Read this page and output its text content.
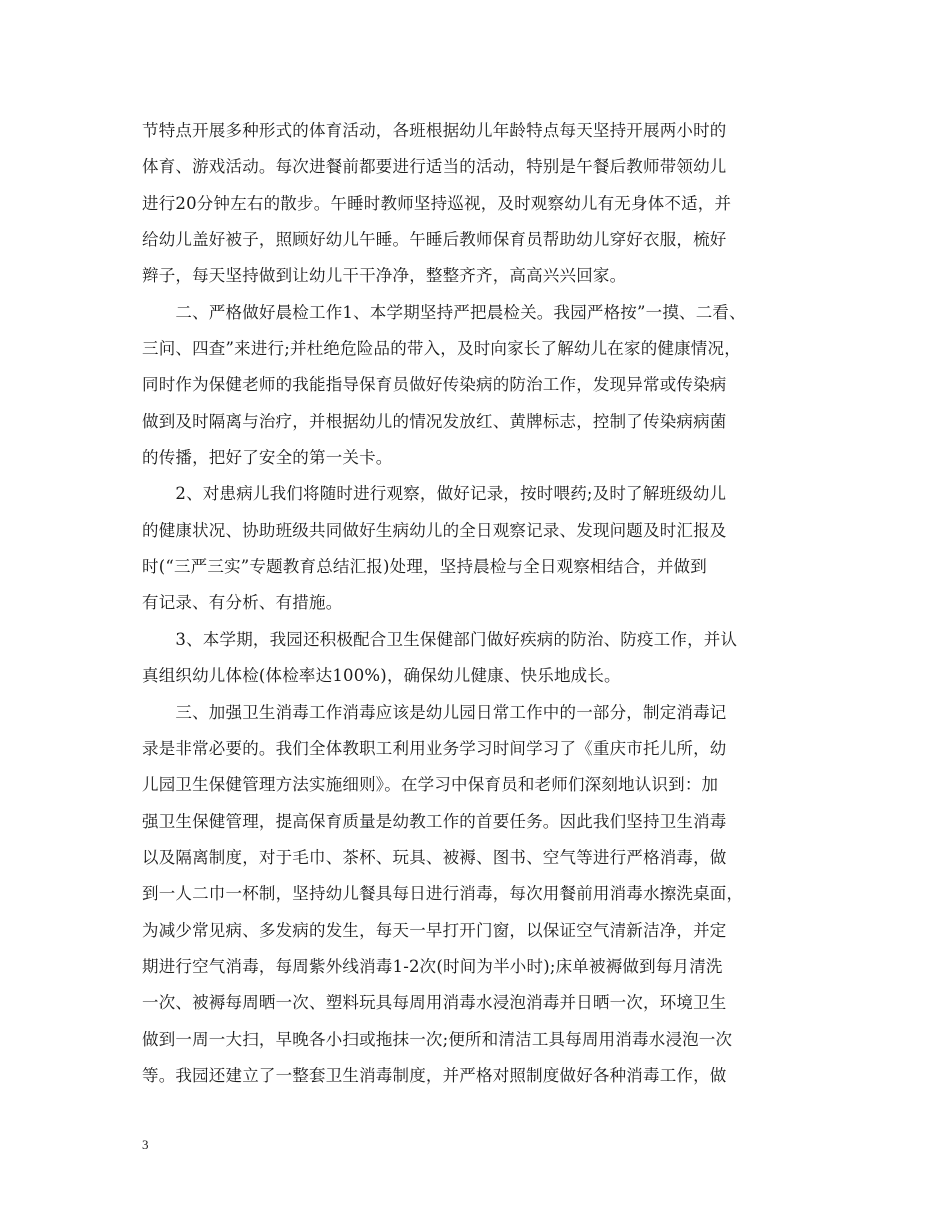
节特点开展多种形式的体育活动，各班根据幼儿年龄特点每天坚持开展两小时的
体育、游戏活动。每次进餐前都要进行适当的活动，特别是午餐后教师带领幼儿
进行20分钟左右的散步。午睡时教师坚持巡视，及时观察幼儿有无身体不适，并
给幼儿盖好被子，照顾好幼儿午睡。午睡后教师保育员帮助幼儿穿好衣服，梳好
辫子，每天坚持做到让幼儿干干净净，整整齐齐，高高兴兴回家。
　　二、严格做好晨检工作1、本学期坚持严把晨检关。我园严格按”一摸、二看、
三问、四查”来进行;并杜绝危险品的带入，及时向家长了解幼儿在家的健康情况，
同时作为保健老师的我能指导保育员做好传染病的防治工作，发现异常或传染病
做到及时隔离与治疗，并根据幼儿的情况发放红、黄牌标志，控制了传染病病菌
的传播，把好了安全的第一关卡。
　　2、对患病儿我们将随时进行观察，做好记录，按时喂药;及时了解班级幼儿
的健康状况、协助班级共同做好生病幼儿的全日观察记录、发现问题及时汇报及
时(“三严三实”专题教育总结汇报)处理，坚持晨检与全日观察相结合，并做到
有记录、有分析、有措施。
　　3、本学期，我园还积极配合卫生保健部门做好疾病的防治、防疫工作，并认
真组织幼儿体检(体检率达100%)，确保幼儿健康、快乐地成长。
　　三、加强卫生消毒工作消毒应该是幼儿园日常工作中的一部分，制定消毒记
录是非常必要的。我们全体教职工利用业务学习时间学习了《重庆市托儿所，幼
儿园卫生保健管理方法实施细则》。在学习中保育员和老师们深刻地认识到：加
强卫生保健管理，提高保育质量是幼教工作的首要任务。因此我们坚持卫生消毒
以及隔离制度，对于毛巾、茶杯、玩具、被褥、图书、空气等进行严格消毒，做
到一人二巾一杯制，坚持幼儿餐具每日进行消毒，每次用餐前用消毒水擦洗桌面，
为减少常见病、多发病的发生，每天一早打开门窗，以保证空气清新洁净，并定
期进行空气消毒，每周紫外线消毒1-2次(时间为半小时);床单被褥做到每月清洗
一次、被褥每周晒一次、塑料玩具每周用消毒水浸泡消毒并日晒一次，环境卫生
做到一周一大扫，早晚各小扫或拖抹一次;便所和清洁工具每周用消毒水浸泡一次
等。我园还建立了一整套卫生消毒制度，并严格对照制度做好各种消毒工作，做
3
